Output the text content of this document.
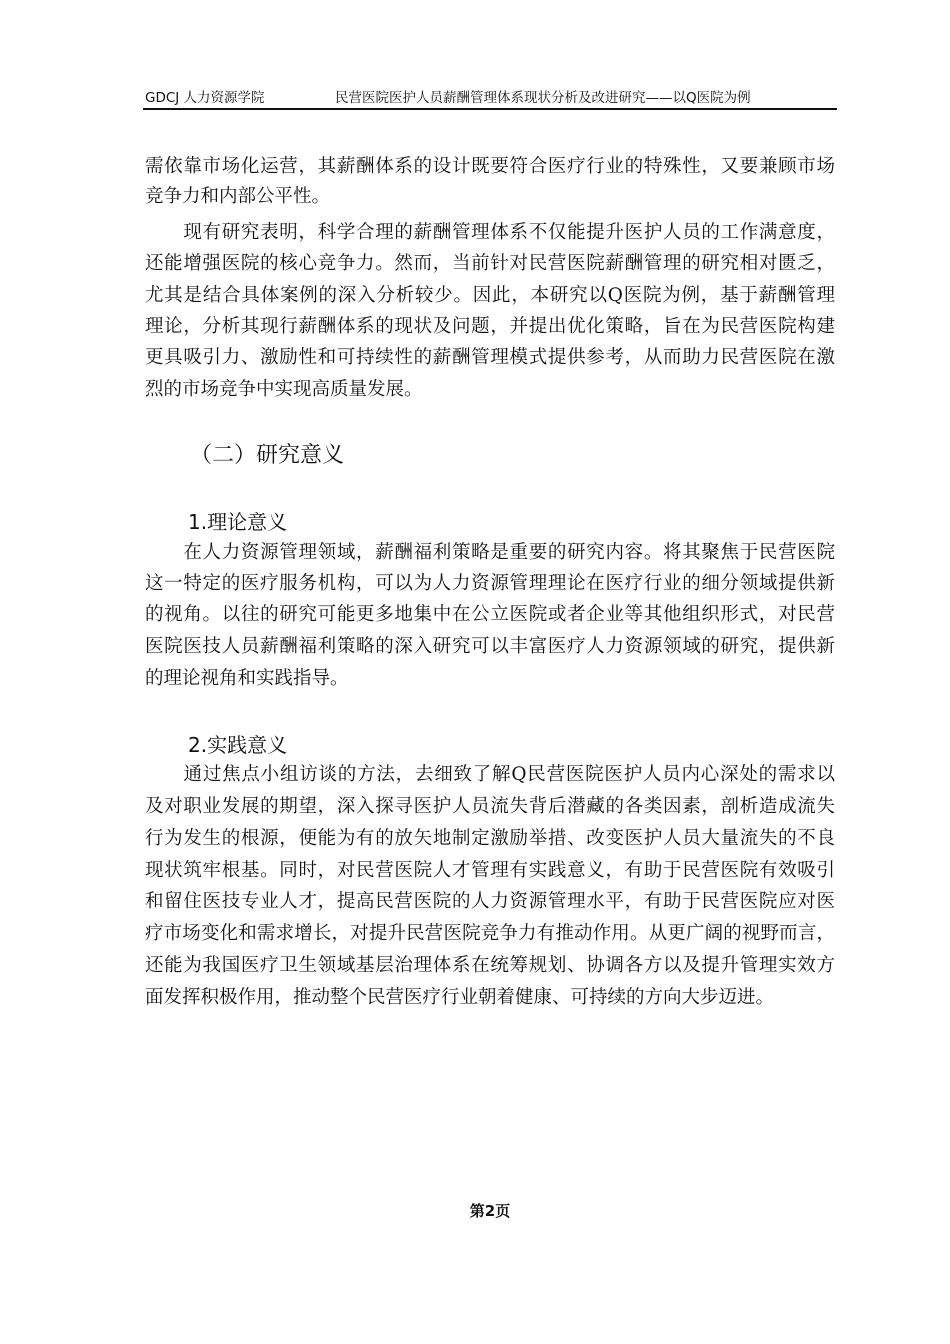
GDCJ 人力资源学院	民营医院医护人员薪酬管理体系现状分析及改进研究——以Q医院为例
需依靠市场化运营，其薪酬体系的设计既要符合医疗行业的特殊性，又要兼顾市场
竞争力和内部公平性。
　　现有研究表明，科学合理的薪酬管理体系不仅能提升医护人员的工作满意度，
还能增强医院的核心竞争力。然而，当前针对民营医院薪酬管理的研究相对匮乏，
尤其是结合具体案例的深入分析较少。因此，本研究以Q医院为例，基于薪酬管理
理论，分析其现行薪酬体系的现状及问题，并提出优化策略，旨在为民营医院构建
更具吸引力、激励性和可持续性的薪酬管理模式提供参考，从而助力民营医院在激
烈的市场竞争中实现高质量发展。
（二）研究意义
1.理论意义
　　在人力资源管理领域，薪酬福利策略是重要的研究内容。将其聚焦于民营医院
这一特定的医疗服务机构，可以为人力资源管理理论在医疗行业的细分领域提供新
的视角。以往的研究可能更多地集中在公立医院或者企业等其他组织形式，对民营
医院医技人员薪酬福利策略的深入研究可以丰富医疗人力资源领域的研究，提供新
的理论视角和实践指导。
2.实践意义
　　通过焦点小组访谈的方法，去细致了解Q民营医院医护人员内心深处的需求以
及对职业发展的期望，深入探寻医护人员流失背后潜藏的各类因素，剖析造成流失
行为发生的根源，便能为有的放矢地制定激励举措、改变医护人员大量流失的不良
现状筑牢根基。同时，对民营医院人才管理有实践意义，有助于民营医院有效吸引
和留住医技专业人才，提高民营医院的人力资源管理水平，有助于民营医院应对医
疗市场变化和需求增长，对提升民营医院竞争力有推动作用。从更广阔的视野而言，
还能为我国医疗卫生领域基层治理体系在统筹规划、协调各方以及提升管理实效方
面发挥积极作用，推动整个民营医疗行业朝着健康、可持续的方向大步迈进。
第2页
